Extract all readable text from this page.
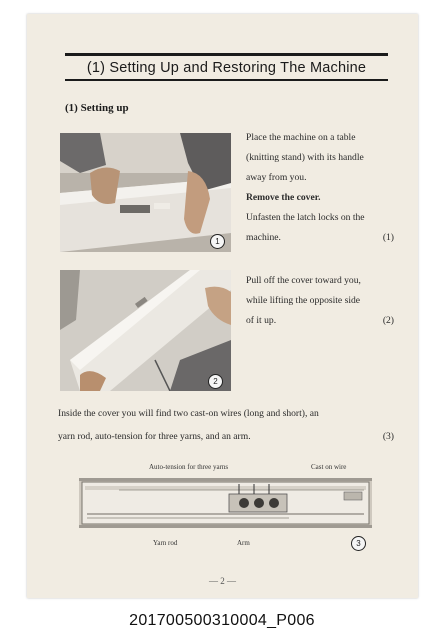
(1) Setting Up and Restoring The Machine
(1) Setting up
1
2
Place the machine on a table
(knitting stand) with its handle
away from you.
Remove the cover.
Unfasten the latch locks on the
machine.	(1)
Pull off the cover toward you,
while lifting the opposite side
of it up.	(2)
Inside the cover you will find two cast-on wires (long and short), an
yarn rod, auto-tension for three yarns, and an arm.	(3)
Auto-tension for three yarns	Cast on wire
Yarn rod	Arm	3
— 2 —
201700500310004_P006
